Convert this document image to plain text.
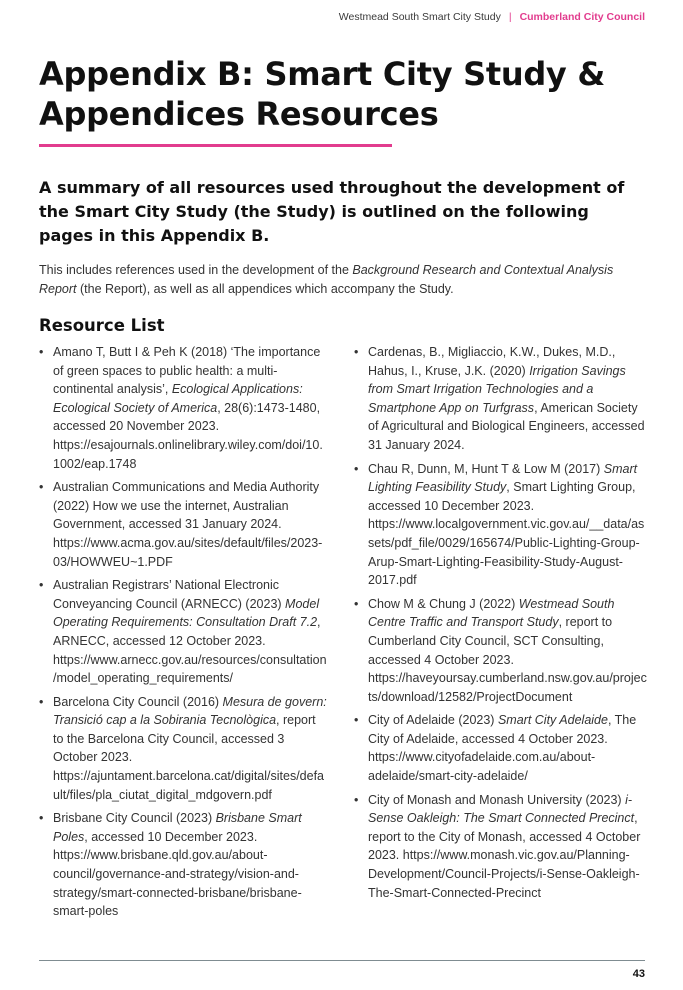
Westmead South Smart City Study | Cumberland City Council
Appendix B: Smart City Study & Appendices Resources

A summary of all resources used throughout the development of the Smart City Study (the Study) is outlined on the following pages in this Appendix B.

This includes references used in the development of the Background Research and Contextual Analysis Report (the Report), as well as all appendices which accompany the Study.

Resource List
• Amano T, Butt I & Peh K (2018) ‘The importance of green spaces to public health: a multi-continental analysis’, Ecological Applications: Ecological Society of America, 28(6):1473-1480, accessed 20 November 2023. https://esajournals.onlinelibrary.wiley.com/doi/10.1002/eap.1748
• Australian Communications and Media Authority (2022) How we use the internet, Australian Government, accessed 31 January 2024. https://www.acma.gov.au/sites/default/files/2023-03/HOWWEU~1.PDF
• Australian Registrars’ National Electronic Conveyancing Council (ARNECC) (2023) Model Operating Requirements: Consultation Draft 7.2, ARNECC, accessed 12 October 2023. https://www.arnecc.gov.au/resources/consultation/model_operating_requirements/
• Barcelona City Council (2016) Mesura de govern: Transició cap a la Sobirania Tecnològica, report to the Barcelona City Council, accessed 3 October 2023. https://ajuntament.barcelona.cat/digital/sites/default/files/pla_ciutat_digital_mdgovern.pdf
• Brisbane City Council (2023) Brisbane Smart Poles, accessed 10 December 2023. https://www.brisbane.qld.gov.au/about-council/governance-and-strategy/vision-and-strategy/smart-connected-brisbane/brisbane-smart-poles
• Cardenas, B., Migliaccio, K.W., Dukes, M.D., Hahus, I., Kruse, J.K. (2020) Irrigation Savings from Smart Irrigation Technologies and a Smartphone App on Turfgrass, American Society of Agricultural and Biological Engineers, accessed 31 January 2024.
• Chau R, Dunn, M, Hunt T & Low M (2017) Smart Lighting Feasibility Study, Smart Lighting Group, accessed 10 December 2023. https://www.localgovernment.vic.gov.au/__data/assets/pdf_file/0029/165674/Public-Lighting-Group-Arup-Smart-Lighting-Feasibility-Study-August-2017.pdf
• Chow M & Chung J (2022) Westmead South Centre Traffic and Transport Study, report to Cumberland City Council, SCT Consulting, accessed 4 October 2023. https://haveyoursay.cumberland.nsw.gov.au/projects/download/12582/ProjectDocument
• City of Adelaide (2023) Smart City Adelaide, The City of Adelaide, accessed 4 October 2023. https://www.cityofadelaide.com.au/about-adelaide/smart-city-adelaide/
• City of Monash and Monash University (2023) i-Sense Oakleigh: The Smart Connected Precinct, report to the City of Monash, accessed 4 October 2023. https://www.monash.vic.gov.au/Planning-Development/Council-Projects/i-Sense-Oakleigh-The-Smart-Connected-Precinct
43
